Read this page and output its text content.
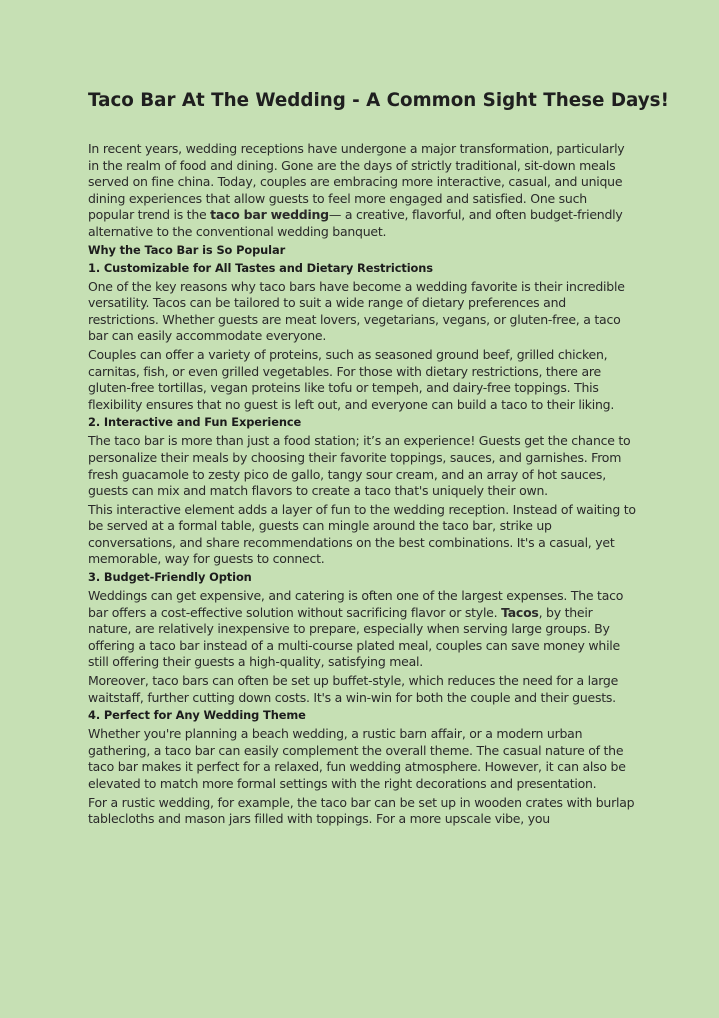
Taco Bar At The Wedding - A Common Sight These Days!

In recent years, wedding receptions have undergone a major transformation, particularly in the realm of food and dining. Gone are the days of strictly traditional, sit-down meals served on fine china. Today, couples are embracing more interactive, casual, and unique dining experiences that allow guests to feel more engaged and satisfied. One such popular trend is the taco bar wedding— a creative, flavorful, and often budget-friendly alternative to the conventional wedding banquet.

Why the Taco Bar is So Popular
1. Customizable for All Tastes and Dietary Restrictions

One of the key reasons why taco bars have become a wedding favorite is their incredible versatility. Tacos can be tailored to suit a wide range of dietary preferences and restrictions. Whether guests are meat lovers, vegetarians, vegans, or gluten-free, a taco bar can easily accommodate everyone.

Couples can offer a variety of proteins, such as seasoned ground beef, grilled chicken, carnitas, fish, or even grilled vegetables. For those with dietary restrictions, there are gluten-free tortillas, vegan proteins like tofu or tempeh, and dairy-free toppings. This flexibility ensures that no guest is left out, and everyone can build a taco to their liking.

2. Interactive and Fun Experience

The taco bar is more than just a food station; it’s an experience! Guests get the chance to personalize their meals by choosing their favorite toppings, sauces, and garnishes. From fresh guacamole to zesty pico de gallo, tangy sour cream, and an array of hot sauces, guests can mix and match flavors to create a taco that's uniquely their own.

This interactive element adds a layer of fun to the wedding reception. Instead of waiting to be served at a formal table, guests can mingle around the taco bar, strike up conversations, and share recommendations on the best combinations. It's a casual, yet memorable, way for guests to connect.

3. Budget-Friendly Option

Weddings can get expensive, and catering is often one of the largest expenses. The taco bar offers a cost-effective solution without sacrificing flavor or style. Tacos, by their nature, are relatively inexpensive to prepare, especially when serving large groups. By offering a taco bar instead of a multi-course plated meal, couples can save money while still offering their guests a high-quality, satisfying meal.

Moreover, taco bars can often be set up buffet-style, which reduces the need for a large waitstaff, further cutting down costs. It's a win-win for both the couple and their guests.

4. Perfect for Any Wedding Theme

Whether you're planning a beach wedding, a rustic barn affair, or a modern urban gathering, a taco bar can easily complement the overall theme. The casual nature of the taco bar makes it perfect for a relaxed, fun wedding atmosphere. However, it can also be elevated to match more formal settings with the right decorations and presentation.

For a rustic wedding, for example, the taco bar can be set up in wooden crates with burlap tablecloths and mason jars filled with toppings. For a more upscale vibe, you
